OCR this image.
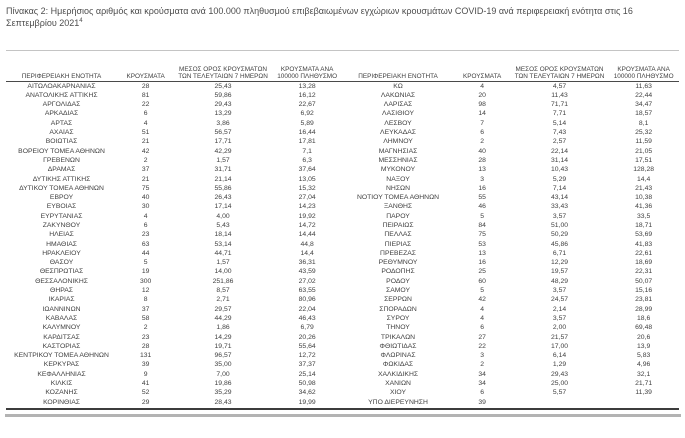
Πίνακας 2: Ημερήσιος αριθμός και κρούσματα ανά 100.000 πληθυσμού επιβεβαιωμένων εγχώριων κρουσμάτων COVID-19 ανά περιφερειακή ενότητα στις 16 Σεπτεμβρίου 2021$^4$

ΠΕΡΙΦΕΡΕΙΑΚΗ ΕΝΟΤΗΤΑ	ΚΡΟΥΣΜΑΤΑ	ΜΕΣΟΣ ΟΡΟΣ ΚΡΟΥΣΜΑΤΩΝ ΤΩΝ ΤΕΛΕΥΤΑΙΩΝ 7 ΗΜΕΡΩΝ	ΚΡΟΥΣΜΑΤΑ ΑΝΑ 100000 ΠΛΗΘΥΣΜΟ
ΑΙΤΩΛΟΑΚΑΡΝΑΝΙΑΣ	28	25,43	13,28
ΑΝΑΤΟΛΙΚΗΣ ΑΤΤΙΚΗΣ	81	59,86	16,12
ΑΡΓΟΛΙΔΑΣ	22	29,43	22,67
ΑΡΚΑΔΙΑΣ	6	13,29	6,92
ΑΡΤΑΣ	4	3,86	5,89
ΑΧΑΪΑΣ	51	56,57	16,44
ΒΟΙΩΤΙΑΣ	21	17,71	17,81
ΒΟΡΕΙΟΥ ΤΟΜΕΑ ΑΘΗΝΩΝ	42	42,29	7,1
ΓΡΕΒΕΝΩΝ	2	1,57	6,3
ΔΡΑΜΑΣ	37	31,71	37,64
ΔΥΤΙΚΗΣ ΑΤΤΙΚΗΣ	21	21,14	13,05
ΔΥΤΙΚΟΥ ΤΟΜΕΑ ΑΘΗΝΩΝ	75	55,86	15,32
ΕΒΡΟΥ	40	26,43	27,04
ΕΥΒΟΙΑΣ	30	17,14	14,23
ΕΥΡΥΤΑΝΙΑΣ	4	4,00	19,92
ΖΑΚΥΝΘΟΥ	6	5,43	14,72
ΗΛΕΙΑΣ	23	18,14	14,44
ΗΜΑΘΙΑΣ	63	53,14	44,8
ΗΡΑΚΛΕΙΟΥ	44	44,71	14,4
ΘΑΣΟΥ	5	1,57	36,31
ΘΕΣΠΡΩΤΙΑΣ	19	14,00	43,59
ΘΕΣΣΑΛΟΝΙΚΗΣ	300	251,86	27,02
ΘΗΡΑΣ	12	8,57	63,55
ΙΚΑΡΙΑΣ	8	2,71	80,96
ΙΩΑΝΝΙΝΩΝ	37	29,57	22,04
ΚΑΒΑΛΑΣ	58	44,29	46,43
ΚΑΛΥΜΝΟΥ	2	1,86	6,79
ΚΑΡΔΙΤΣΑΣ	23	14,29	20,26
ΚΑΣΤΟΡΙΑΣ	28	19,71	55,64
ΚΕΝΤΡΙΚΟΥ ΤΟΜΕΑ ΑΘΗΝΩΝ	131	96,57	12,72
ΚΕΡΚΥΡΑΣ	39	35,00	37,37
ΚΕΦΑΛΛΗΝΙΑΣ	9	7,00	25,14
ΚΙΛΚΙΣ	41	19,86	50,98
ΚΟΖΑΝΗΣ	52	35,29	34,62
ΚΟΡΙΝΘΙΑΣ	29	28,43	19,99
ΠΕΡΙΦΕΡΕΙΑΚΗ ΕΝΟΤΗΤΑ	ΚΡΟΥΣΜΑΤΑ	ΜΕΣΟΣ ΟΡΟΣ ΚΡΟΥΣΜΑΤΩΝ ΤΩΝ ΤΕΛΕΥΤΑΙΩΝ 7 ΗΜΕΡΩΝ	ΚΡΟΥΣΜΑΤΑ ΑΝΑ 100000 ΠΛΗΘΥΣΜΟ
ΚΩ	4	4,57	11,63
ΛΑΚΩΝΙΑΣ	20	11,43	22,44
ΛΑΡΙΣΑΣ	98	71,71	34,47
ΛΑΣΙΘΙΟΥ	14	7,71	18,57
ΛΕΣΒΟΥ	7	5,14	8,1
ΛΕΥΚΑΔΑΣ	6	7,43	25,32
ΛΗΜΝΟΥ	2	2,57	11,59
ΜΑΓΝΗΣΙΑΣ	40	22,14	21,05
ΜΕΣΣΗΝΙΑΣ	28	31,14	17,51
ΜΥΚΟΝΟΥ	13	10,43	128,28
ΝΑΞΟΥ	3	5,29	14,4
ΝΗΣΩΝ	16	7,14	21,43
ΝΟΤΙΟΥ ΤΟΜΕΑ ΑΘΗΝΩΝ	55	43,14	10,38
ΞΑΝΘΗΣ	46	33,43	41,36
ΠΑΡΟΥ	5	3,57	33,5
ΠΕΙΡΑΙΩΣ	84	51,00	18,71
ΠΕΛΛΑΣ	75	50,29	53,69
ΠΙΕΡΙΑΣ	53	45,86	41,83
ΠΡΕΒΕΖΑΣ	13	6,71	22,61
ΡΕΘΥΜΝΟΥ	16	12,29	18,69
ΡΟΔΟΠΗΣ	25	19,57	22,31
ΡΟΔΟΥ	60	48,29	50,07
ΣΑΜΟΥ	5	3,57	15,16
ΣΕΡΡΩΝ	42	24,57	23,81
ΣΠΟΡΑΔΩΝ	4	2,14	28,99
ΣΥΡΟΥ	4	3,57	18,6
ΤΗΝΟΥ	6	2,00	69,48
ΤΡΙΚΑΛΩΝ	27	21,57	20,6
ΦΘΙΩΤΙΔΑΣ	22	17,00	13,9
ΦΛΩΡΙΝΑΣ	3	6,14	5,83
ΦΩΚΙΔΑΣ	2	1,29	4,96
ΧΑΛΚΙΔΙΚΗΣ	34	29,43	32,1
ΧΑΝΙΩΝ	34	25,00	21,71
ΧΙΟΥ	6	5,57	11,39
ΥΠΟ ΔΙΕΡΕΥΝΗΣΗ	39		
